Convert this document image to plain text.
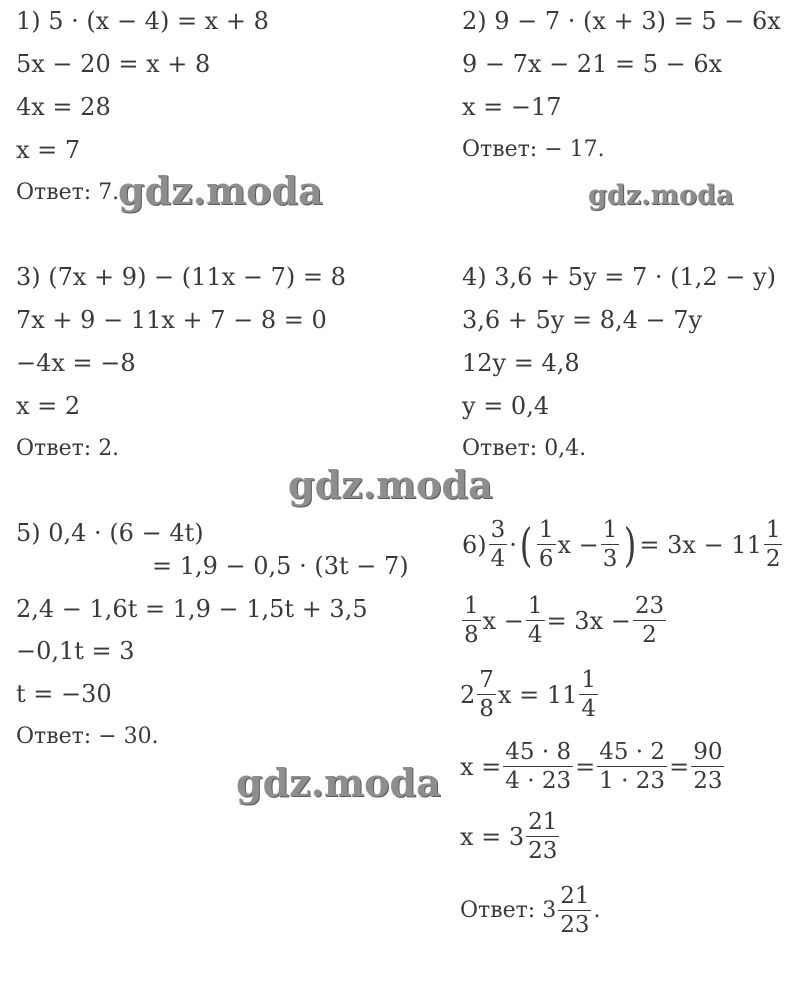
1) 5 · (x − 4) = x + 8
5x − 20 = x + 8
4x = 28
x = 7
Ответ: 7.
2) 9 − 7 · (x + 3) = 5 − 6x
9 − 7x − 21 = 5 − 6x
x = −17
Ответ: − 17.
3) (7x + 9) − (11x − 7) = 8
7x + 9 − 11x + 7 − 8 = 0
−4x = −8
x = 2
Ответ: 2.
4) 3,6 + 5y = 7 · (1,2 − y)
3,6 + 5y = 8,4 − 7y
12y = 4,8
y = 0,4
Ответ: 0,4.
5) 0,4 · (6 − 4t)
= 1,9 − 0,5 · (3t − 7)
2,4 − 1,6t = 1,9 − 1,5t + 3,5
−0,1t = 3
t = −30
Ответ: − 30.
$6) \frac{3}{4}$ · ( $\frac{1}{6}$ $x - \frac{1}{3}$ ) = $3x - 11 \frac{1}{2}$
$\frac{1}{8}$ $x - \frac{1}{4} = 3x - \frac{23}{2}$
$2 \frac{7}{8}$ $x = 11 \frac{1}{4}$
$x = \frac{45 \cdot 8}{4 \cdot 23} = \frac{45 \cdot 2}{1 \cdot 23} = \frac{90}{23}$
$x = 3 \frac{21}{23}$
Ответ: $3 \frac{21}{23}$ .
gdz.moda	gdz.moda
gdz.moda
gdz.moda
